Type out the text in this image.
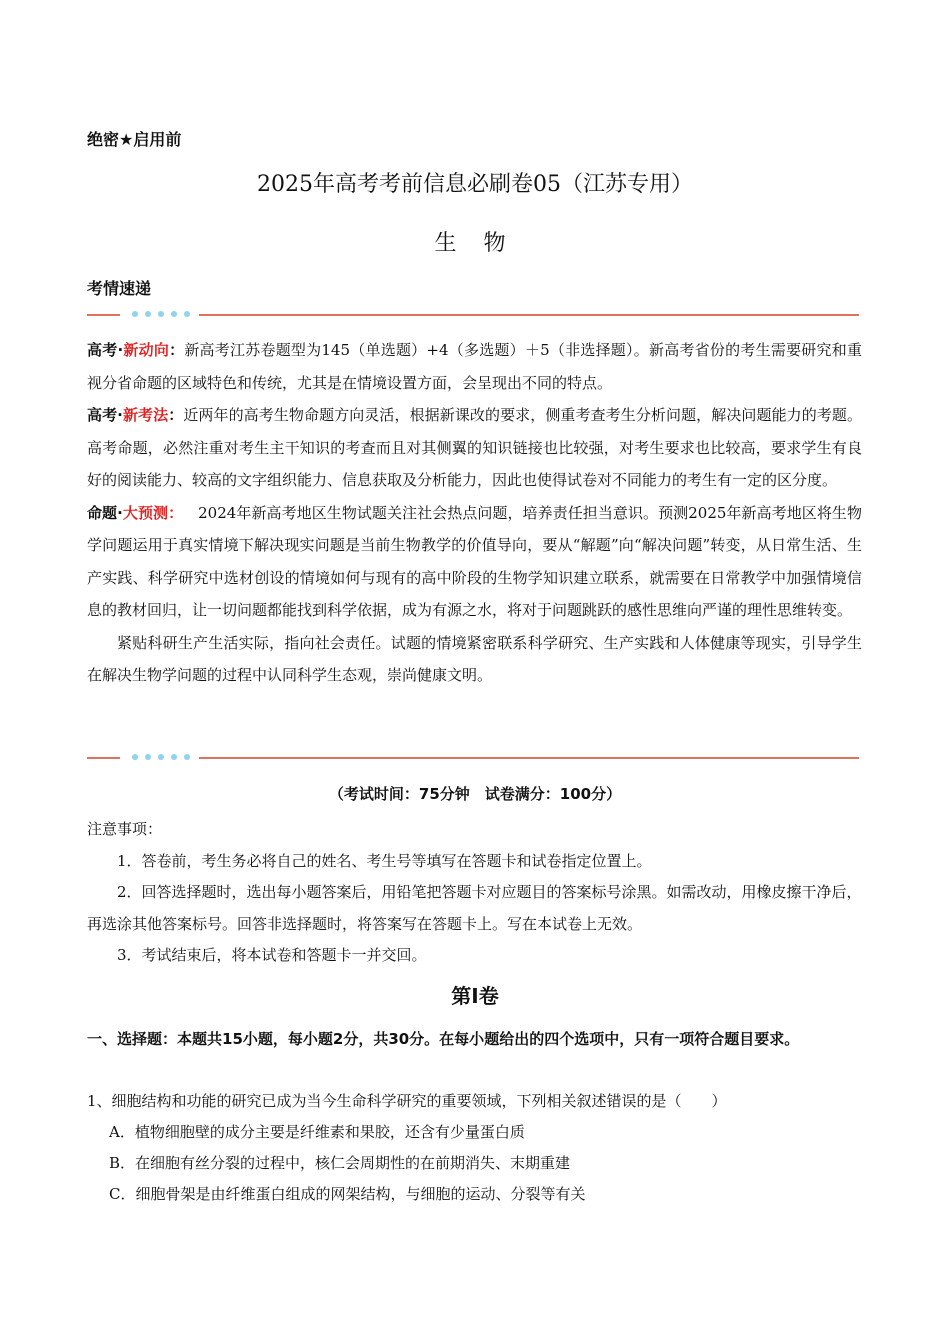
绝密★启用前
2025年高考考前信息必刷卷05（江苏专用）
生 物
考情速递

高考·新动向：新高考江苏卷题型为145（单选题）+4（多选题）＋5（非选择题）。新高考省份的考生需要研究和重视分省命题的区域特色和传统，尤其是在情境设置方面，会呈现出不同的特点。

高考·新考法：近两年的高考生物命题方向灵活，根据新课改的要求，侧重考查考生分析问题，解决问题能力的考题。高考命题，必然注重对考生主干知识的考查而且对其侧翼的知识链接也比较强，对考生要求也比较高，要求学生有良好的阅读能力、较高的文字组织能力、信息获取及分析能力，因此也使得试卷对不同能力的考生有一定的区分度。

命题·大预测：  2024年新高考地区生物试题关注社会热点问题，培养责任担当意识。预测2025年新高考地区将生物学问题运用于真实情境下解决现实问题是当前生物教学的价值导向，要从“解题”向“解决问题”转变，从日常生活、生产实践、科学研究中选材创设的情境如何与现有的高中阶段的生物学知识建立联系，就需要在日常教学中加强情境信息的教材回归，让一切问题都能找到科学依据，成为有源之水，将对于问题跳跃的感性思维向严谨的理性思维转变。

紧贴科研生产生活实际，指向社会责任。试题的情境紧密联系科学研究、生产实践和人体健康等现实，引导学生在解决生物学问题的过程中认同科学生态观，崇尚健康文明。

（考试时间：75分钟　试卷满分：100分）

注意事项：

1．答卷前，考生务必将自己的姓名、考生号等填写在答题卡和试卷指定位置上。

2．回答选择题时，选出每小题答案后，用铅笔把答题卡对应题目的答案标号涂黑。如需改动，用橡皮擦干净后，再选涂其他答案标号。回答非选择题时，将答案写在答题卡上。写在本试卷上无效。

3．考试结束后，将本试卷和答题卡一并交回。

第Ⅰ卷
一、选择题：本题共15小题，每小题2分，共30分。在每小题给出的四个选项中，只有一项符合题目要求。

1、细胞结构和功能的研究已成为当今生命科学研究的重要领域，下列相关叙述错误的是（　　）

A．植物细胞壁的成分主要是纤维素和果胶，还含有少量蛋白质

B．在细胞有丝分裂的过程中，核仁会周期性的在前期消失、末期重建

C．细胞骨架是由纤维蛋白组成的网架结构，与细胞的运动、分裂等有关
